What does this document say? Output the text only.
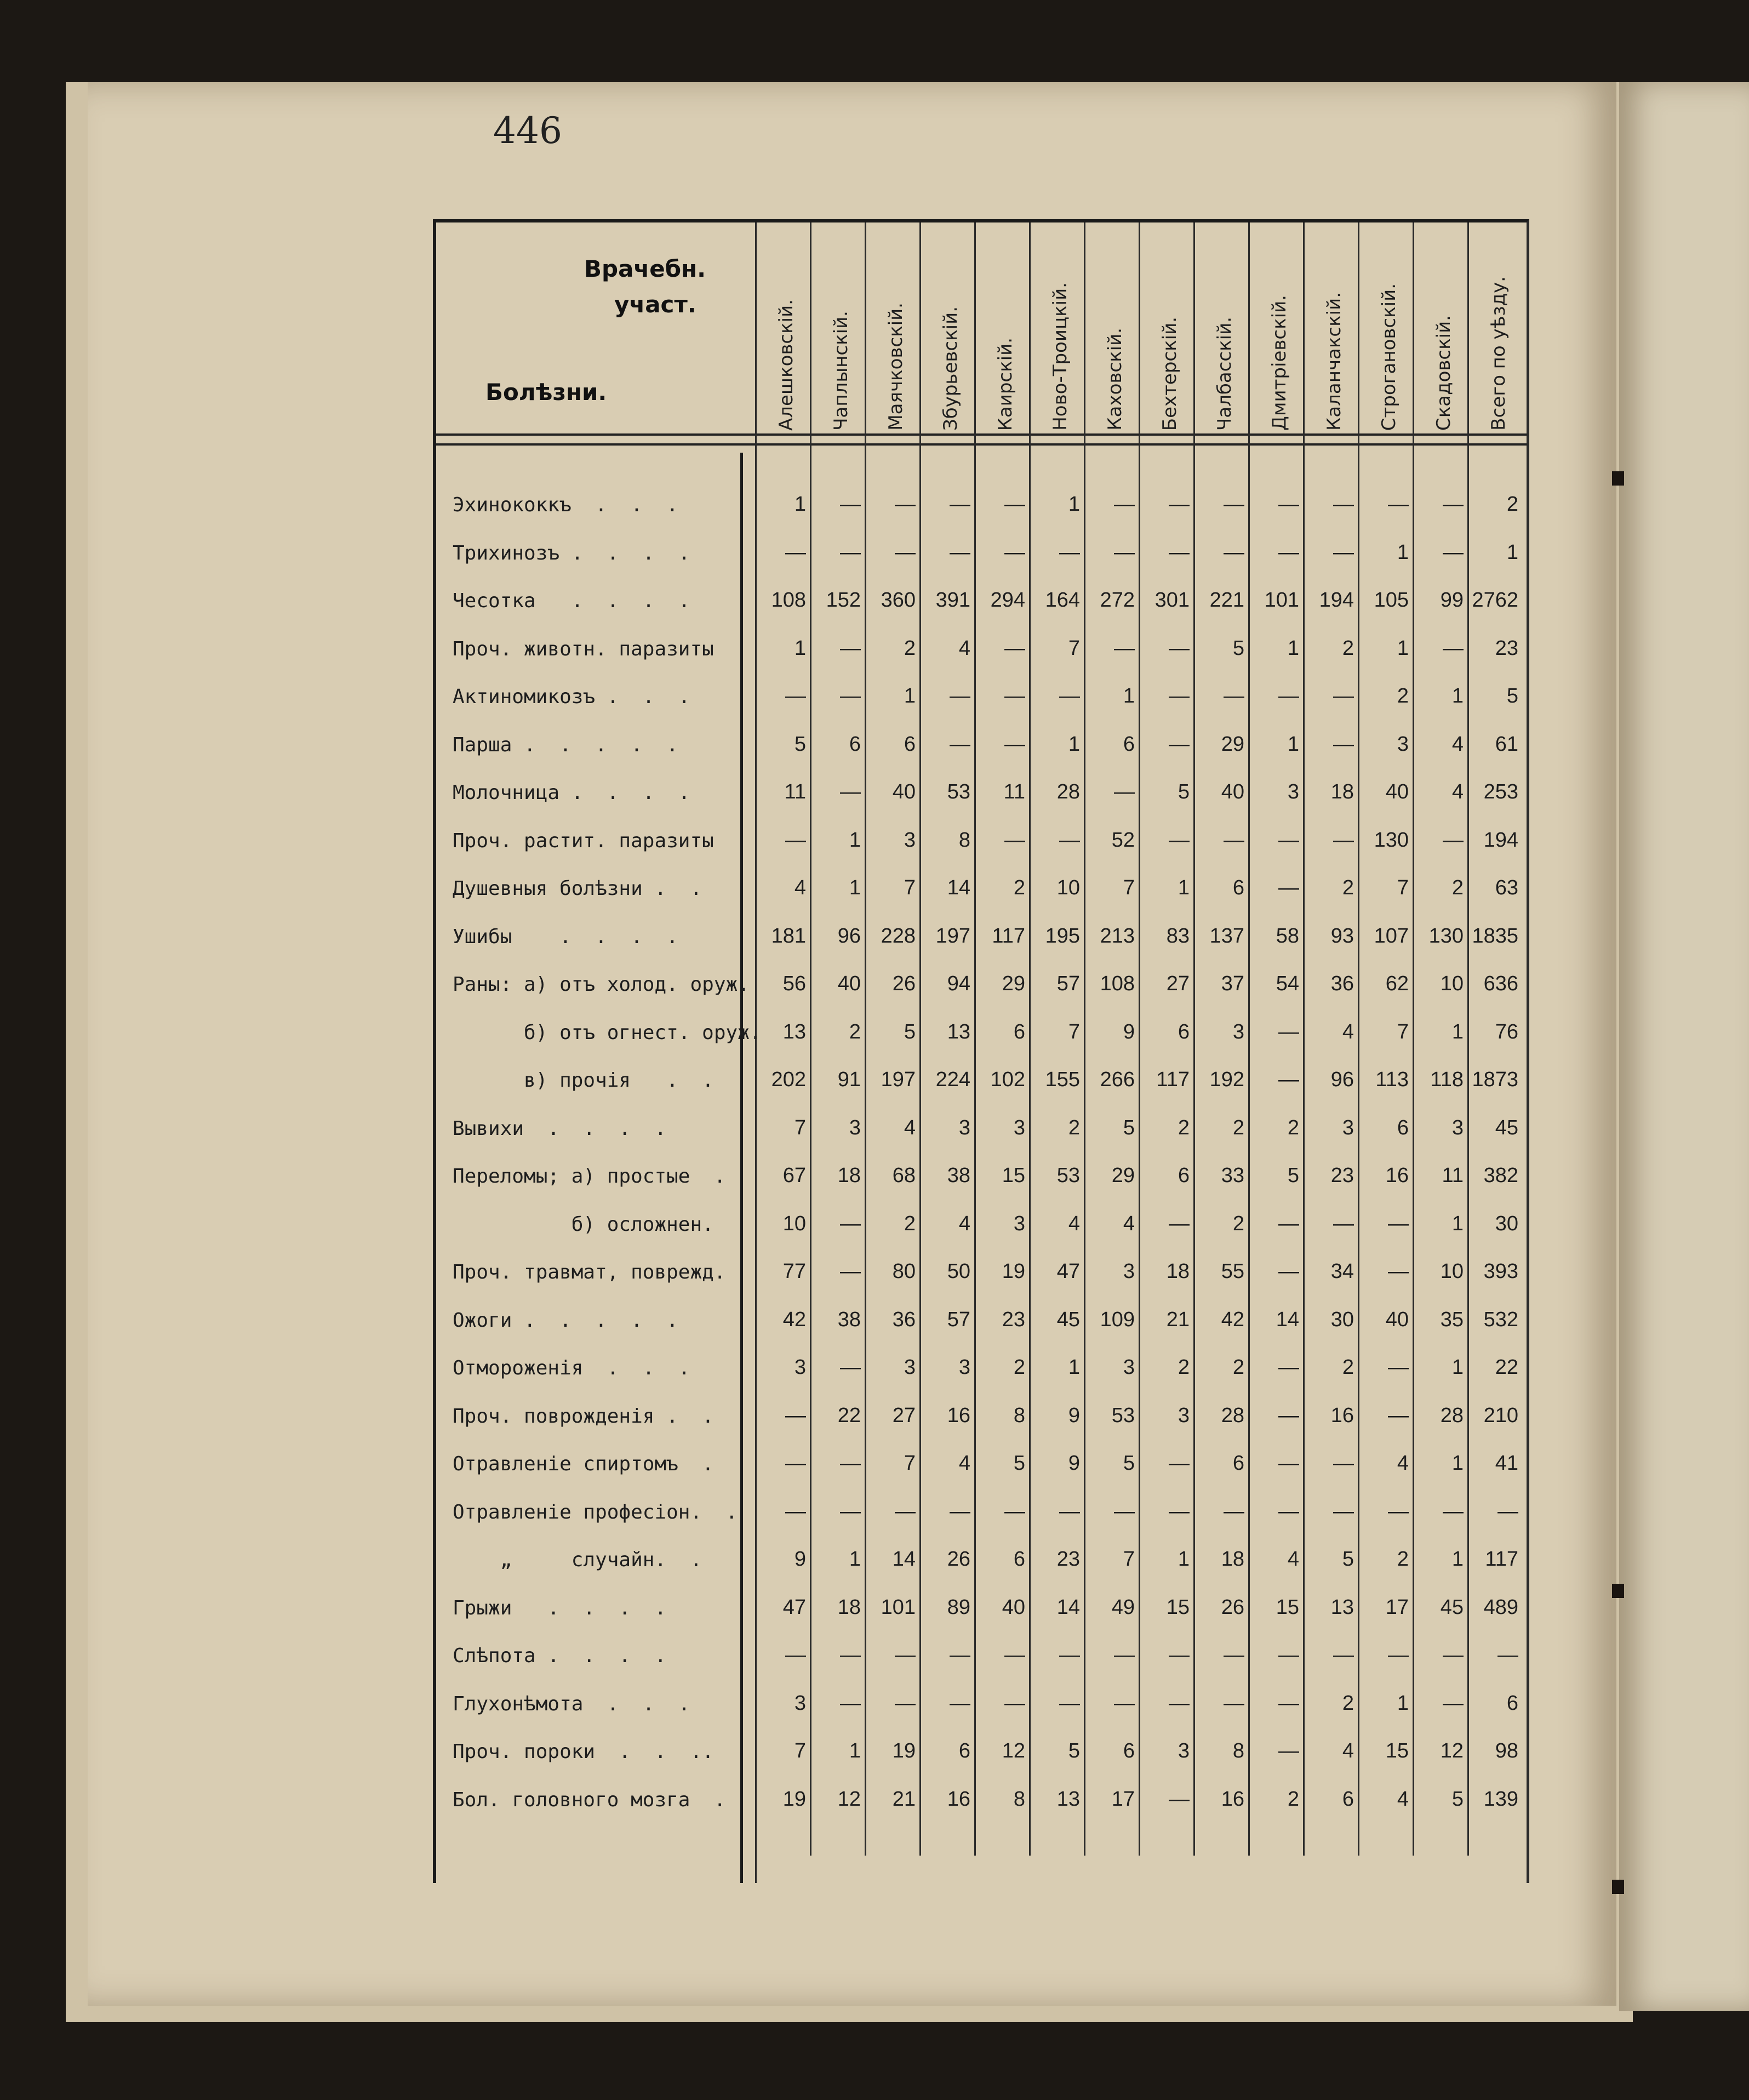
446
Врачебн.
участ.
Болѣзни.	Алешковскій. Чаплынскій. Маячковскій. Збурьевскій. Каирскій. Ново-Троицкій. Каховскій. Бехтерскій. Чалбасскій. Дмитрiевскій. Каланчакскій. Строгановскій. Скадовскій. Всего по уѣзду.
Эхинококкъ  .  .  .	1	—	—	—	—	1	—	—	—	—	—	—	—	2
Трихинозъ .  .  .  .	—	—	—	—	—	—	—	—	—	—	—	1	—	1
Чесотка   .  .  .  .	108 152 360 391 294 164 272 301 221 101 194 105	99 2762
Проч. животн. паразиты	1	—	2	4	—	7	—	—	5	1	2	1	—	23
Актиномикозъ .  .  .	—	—	1	—	—	—	1	—	—	—	—	2	1	5
Парша .  .  .  .  .	5	6	6	—	—	1	6	—	29	1	—	3	4	61
Молочница .  .  .  .	11	—	40	53	11	28	—	5	40	3	18	40	4 253
Проч. растит. паразиты	—	1	3	8	—	—	52	—	—	—	— 130	— 194
Душевныя болѣзни .  .	4	1	7	14	2	10	7	1	6	—	2	7	2	63
Ушибы    .  .  .  .	181	96 228 197	117 195 213	83 137	58	93 107 130 1835
Раны: а) отъ холод. оруж.	56	40	26	94	29	57 108	27	37	54	36	62	10 636
б) отъ огнест. оруж.	13	2	5	13	6	7	9	6	3	—	4	7	1	76
в) прочія   .  .	202	91 197 224 102 155 266	117 192	—	96	113	118 1873
Вывихи  .  .  .  .	7	3	4	3	3	2	5	2	2	2	3	6	3	45
Переломы; а) простые  .	67	18	68	38	15	53	29	6	33	5	23	16	11 382
б) осложнен.	10	—	2	4	3	4	4	—	2	—	—	—	1	30
Проч. травмат, поврежд.	77	—	80	50	19	47	3	18	55	—	34	—	10 393
Ожоги .  .  .  .  .	42	38	36	57	23	45 109	21	42	14	30	40	35 532
Отмороженія  .  .  .	3	—	3	3	2	1	3	2	2	—	2	—	1	22
Проч. поврожденія .  .	—	22	27	16	8	9	53	3	28	—	16	—	28 210
Отравленіе спиртомъ  .	—	—	7	4	5	9	5	—	6	—	—	4	1	41
Отравленіе професіон.  .	—	—	—	—	—	—	—	—	—	—	—	—	—	—
„     случайн.  .	9	1	14	26	6	23	7	1	18	4	5	2	1	117
Грыжи   .  .  .  .	47	18 101	89	40	14	49	15	26	15	13	17	45 489
Слѣпота .  .  .  .	—	—	—	—	—	—	—	—	—	—	—	—	—	—
Глухонѣмота  .  .  .	3	—	—	—	—	—	—	—	—	—	2	1	—	6
Проч. пороки  .  .  ..	7	1	19	6	12	5	6	3	8	—	4	15	12	98
Бол. головного мозга  .	19	12	21	16	8	13	17	—	16	2	6	4	5 139
